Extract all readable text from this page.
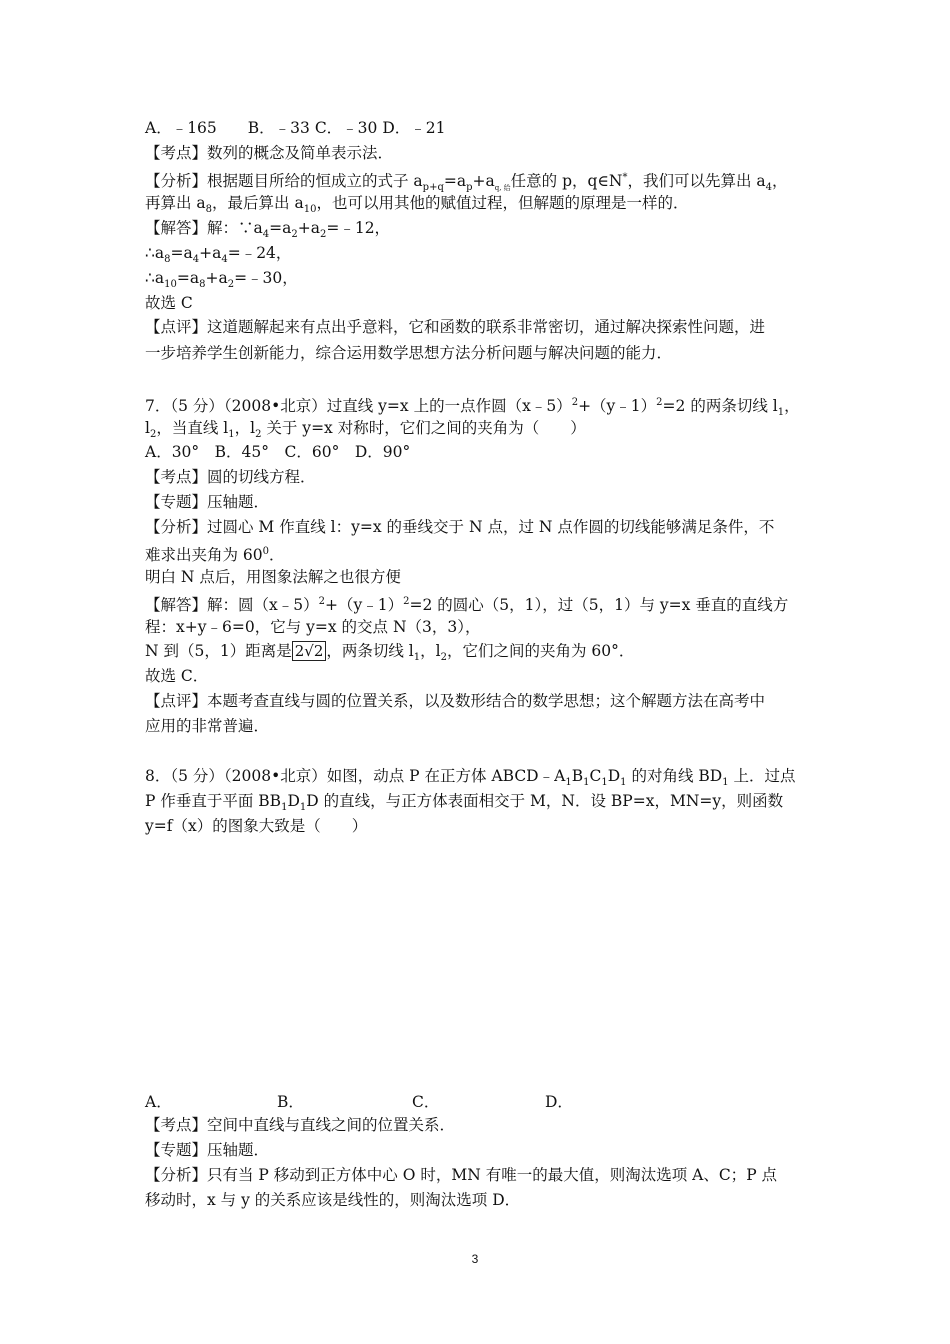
A．﹣165　　B．﹣33 C．﹣30 D．﹣21
【考点】数列的概念及简单表示法．
【分析】根据题目所给的恒成立的式子 $a_{p+q}=a_p+a_{q, 给}$任意的 p，q∈N*，我们可以先算出 $a_4$，
再算出 $a_8$，最后算出 $a_{10}$，也可以用其他的赋值过程，但解题的原理是一样的．
【解答】解：$\because a_4=a_2+a_2=﹣12$，
$\therefore a_8=a_4+a_4=﹣24$，
$\therefore a_{10}=a_8+a_2=﹣30$，
故选 C
【点评】这道题解起来有点出乎意料，它和函数的联系非常密切，通过解决探索性问题，进
一步培养学生创新能力，综合运用数学思想方法分析问题与解决问题的能力．
7．（5 分）（2008•北京）过直线 y=x 上的一点作圆（x﹣5）$^2$+（y﹣1）$^2$=2 的两条切线 $l_1$，
$l_2$，当直线 $l_1$，$l_2$ 关于 y=x 对称时，它们之间的夹角为（　　）
A．30°　B．45°　C．60°　D．90°
【考点】圆的切线方程．
【专题】压轴题．
【分析】过圆心 M 作直线 l：y=x 的垂线交于 N 点，过 N 点作圆的切线能够满足条件，不
难求出夹角为 $60^0$．
明白 N 点后，用图象法解之也很方便
【解答】解：圆（x﹣5）$^2$+（y﹣1）$^2$=2 的圆心（5，1），过（5，1）与 y=x 垂直的直线方
程：x+y﹣6=0，它与 y=x 的交点 N（3，3），
N 到（5，1）距离是 2√2 ，两条切线 $l_1$，$l_2$，它们之间的夹角为 60°．
故选 C．
【点评】本题考查直线与圆的位置关系，以及数形结合的数学思想；这个解题方法在高考中
应用的非常普遍．
8．（5 分）（2008•北京）如图，动点 P 在正方体 $ABCD﹣A_1B_1C_1D_1$ 的对角线 $BD_1$ 上．过点
P 作垂直于平面 $BB_1D_1D$ 的直线，与正方体表面相交于 M，N．设 BP=x，MN=y，则函数
y=f（x）的图象大致是（　　）
A．	B．	C．	D．
【考点】空间中直线与直线之间的位置关系．
【专题】压轴题．
【分析】只有当 P 移动到正方体中心 O 时，MN 有唯一的最大值，则淘汰选项 A、C；P 点
移动时，x 与 y 的关系应该是线性的，则淘汰选项 D．
3
